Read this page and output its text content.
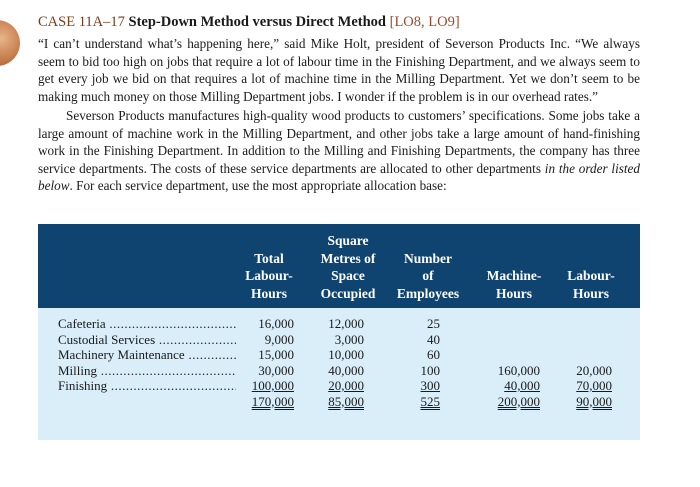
CASE 11A–17 Step-Down Method versus Direct Method [LO8, LO9]

“I can’t understand what’s happening here,” said Mike Holt, president of Severson Products Inc. “We always seem to bid too high on jobs that require a lot of labour time in the Finishing Department, and we always seem to get every job we bid on that requires a lot of machine time in the Milling Department. Yet we don’t seem to be making much money on those Milling Department jobs. I wonder if the problem is in our overhead rates.”

Severson Products manufactures high-quality wood products to customers’ specifications. Some jobs take a large amount of machine work in the Milling Department, and other jobs take a large amount of hand-finishing work in the Finishing Department. In addition to the Milling and Finishing Departments, the company has three service departments. The costs of these service departments are allocated to other departments in the order listed below. For each service department, use the most appropriate allocation base:

Total
Labour-
Hours
Square
Metres of
Space
Occupied
Number
of
Employees
Machine-
Hours
Labour-
Hours
Cafeteria .....
Custodial Services .....
Machinery Maintenance .....
Milling .....
Finishing .....
16,000
9,000
15,000
30,000
100,000
170,000
12,000
3,000
10,000
40,000
20,000
85,000
25
40
60
100
300
525

160,000
40,000
200,000

20,000
70,000
90,000
